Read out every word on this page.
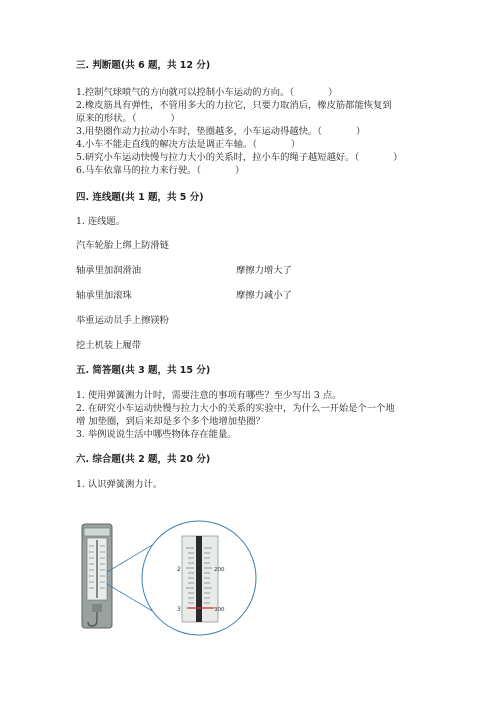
三. 判断题(共 6 题，共 12 分)
1.控制气球喷气的方向就可以控制小车运动的方向。（	）
2.橡皮筋具有弹性，不管用多大的力拉它，只要力取消后，橡皮筋都能恢复到
原来的形状。（	）
3.用垫圈作动力拉动小车时，垫圈越多，小车运动得越快。（	）
4.小车不能走直线的解决方法是调正车轴。（	）
5.研究小车运动快慢与拉力大小的关系时，拉小车的绳子越短越好。（	）
6.马车依靠马的拉力来行驶。（	）
四. 连线题(共 1 题，共 5 分)
1. 连线题。
汽车轮胎上绑上防滑链
轴承里加润滑油	摩擦力增大了
轴承里加滚珠	摩擦力减小了
举重运动员手上擦镁粉
挖土机装上履带
五. 简答题(共 3 题，共 15 分)
1. 使用弹簧测力计时，需要注意的事项有哪些？至少写出 3 点。
2. 在研究小车运动快慢与拉力大小的关系的实验中，为什么一开始是个一个地
增 加垫圈，到后来却是多个多个地增加垫圈？
3. 举例说说生活中哪些物体存在能量。
六. 综合题(共 2 题，共 20 分)
1. 认识弹簧测力计。
2
3
200
300
